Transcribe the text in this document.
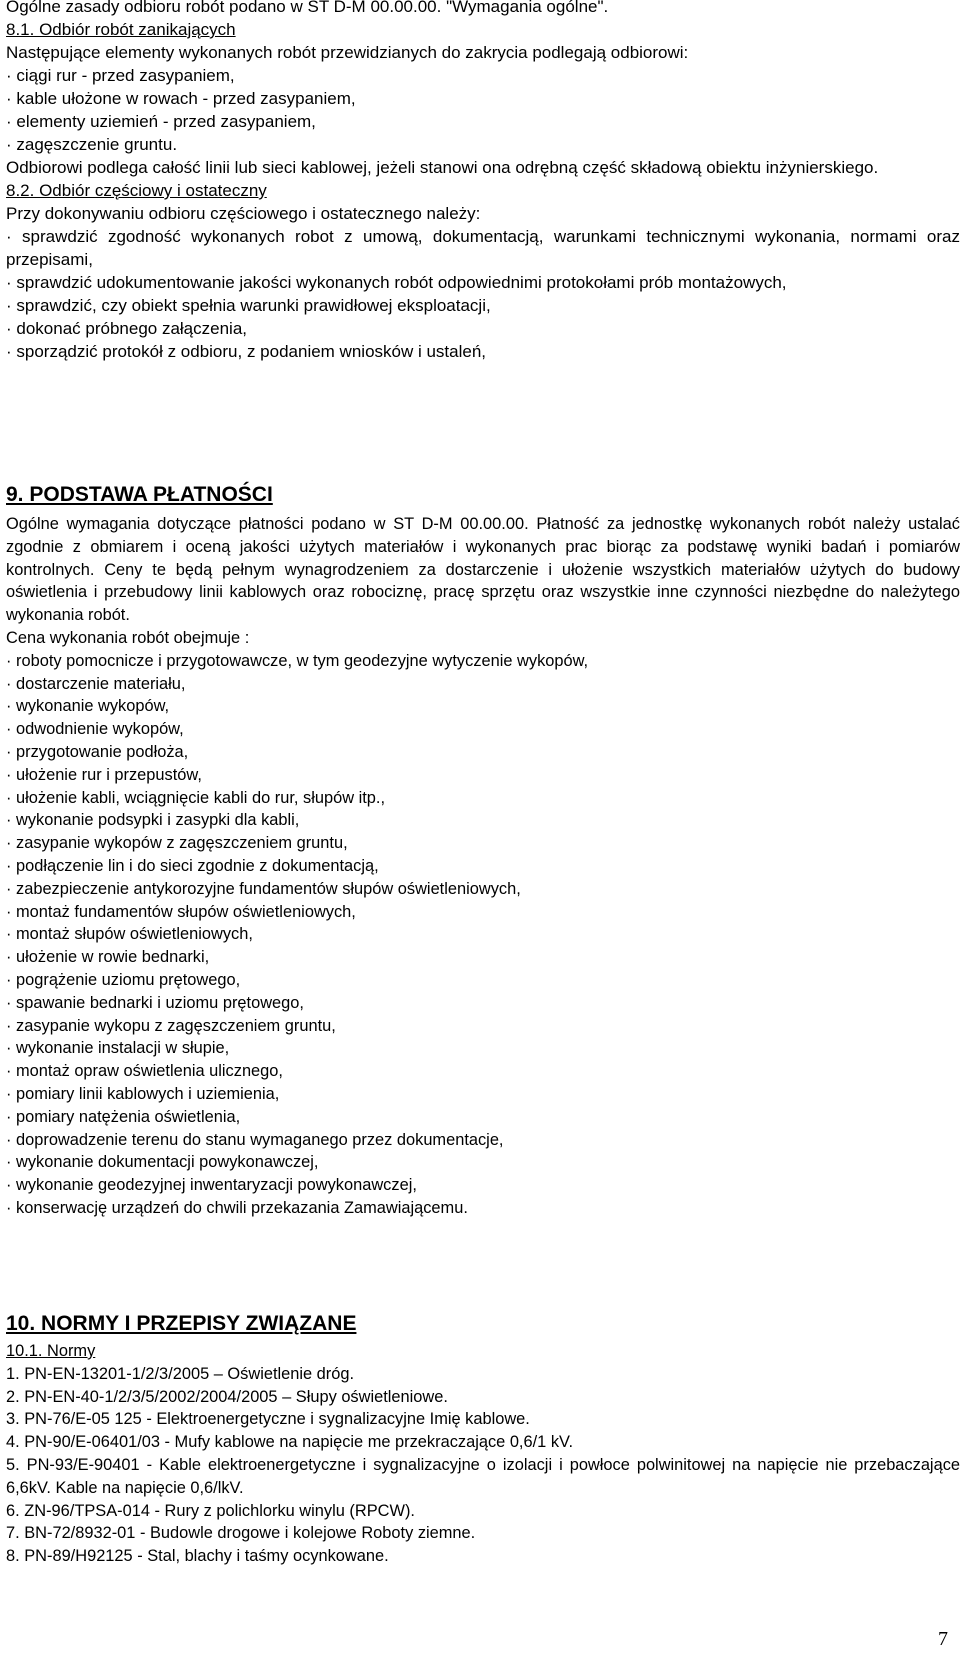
Ogólne zasady odbioru robót podano w ST D-M 00.00.00. "Wymagania ogólne".
8.1. Odbiór robót zanikających
Następujące elementy wykonanych robót przewidzianych do zakrycia podlegają odbiorowi:
· ciągi rur - przed zasypaniem,
· kable ułożone w rowach - przed zasypaniem,
· elementy uziemień - przed zasypaniem,
· zagęszczenie gruntu.
Odbiorowi podlega całość linii lub sieci kablowej, jeżeli stanowi ona odrębną część składową obiektu inżynierskiego.
8.2. Odbiór częściowy i ostateczny
Przy dokonywaniu odbioru częściowego i ostatecznego należy:
· sprawdzić zgodność wykonanych robot z umową, dokumentacją, warunkami technicznymi wykonania, normami oraz przepisami,
· sprawdzić udokumentowanie jakości wykonanych robót odpowiednimi protokołami prób montażowych,
· sprawdzić, czy obiekt spełnia warunki prawidłowej eksploatacji,
· dokonać próbnego załączenia,
· sporządzić protokół z odbioru, z podaniem wniosków i ustaleń,
9. PODSTAWA PŁATNOŚCI
Ogólne wymagania dotyczące płatności podano w ST D-M 00.00.00. Płatność za jednostkę wykonanych robót należy ustalać zgodnie z obmiarem i oceną jakości użytych materiałów i wykonanych prac biorąc za podstawę wyniki badań i pomiarów kontrolnych. Ceny te będą pełnym wynagrodzeniem za dostarczenie i ułożenie wszystkich materiałów użytych do budowy oświetlenia i przebudowy linii kablowych oraz robociznę, pracę sprzętu oraz wszystkie inne czynności niezbędne do należytego wykonania robót.
Cena wykonania robót obejmuje :
· roboty pomocnicze i przygotowawcze, w tym geodezyjne wytyczenie wykopów,
· dostarczenie materiału,
· wykonanie wykopów,
· odwodnienie wykopów,
· przygotowanie podłoża,
· ułożenie rur i przepustów,
· ułożenie kabli, wciągnięcie kabli do rur, słupów itp.,
· wykonanie podsypki i zasypki dla kabli,
· zasypanie wykopów z zagęszczeniem gruntu,
· podłączenie lin i do sieci zgodnie z dokumentacją,
· zabezpieczenie antykorozyjne fundamentów słupów oświetleniowych,
· montaż fundamentów słupów oświetleniowych,
· montaż słupów oświetleniowych,
· ułożenie w rowie bednarki,
· pogrążenie uziomu prętowego,
· spawanie bednarki i uziomu prętowego,
· zasypanie wykopu z zagęszczeniem gruntu,
· wykonanie instalacji w słupie,
· montaż opraw oświetlenia ulicznego,
· pomiary linii kablowych i uziemienia,
· pomiary natężenia oświetlenia,
· doprowadzenie terenu do stanu wymaganego przez dokumentacje,
· wykonanie dokumentacji powykonawczej,
· wykonanie geodezyjnej inwentaryzacji powykonawczej,
· konserwację urządzeń do chwili przekazania Zamawiającemu.
10. NORMY I PRZEPISY ZWIĄZANE
10.1. Normy
1. PN-EN-13201-1/2/3/2005 – Oświetlenie dróg.
2. PN-EN-40-1/2/3/5/2002/2004/2005 – Słupy oświetleniowe.
3. PN-76/E-05 125 - Elektroenergetyczne i sygnalizacyjne Imię kablowe.
4. PN-90/E-06401/03 - Mufy kablowe na napięcie me przekraczające 0,6/1 kV.
5. PN-93/E-90401 - Kable elektroenergetyczne i sygnalizacyjne o izolacji i powłoce polwinitowej na napięcie nie przebaczające 6,6kV. Kable na napięcie 0,6/lkV.
6. ZN-96/TPSA-014 - Rury z polichlorku winylu (RPCW).
7. BN-72/8932-01 - Budowle drogowe i kolejowe Roboty ziemne.
8. PN-89/H92125 - Stal, blachy i taśmy ocynkowane.
7
